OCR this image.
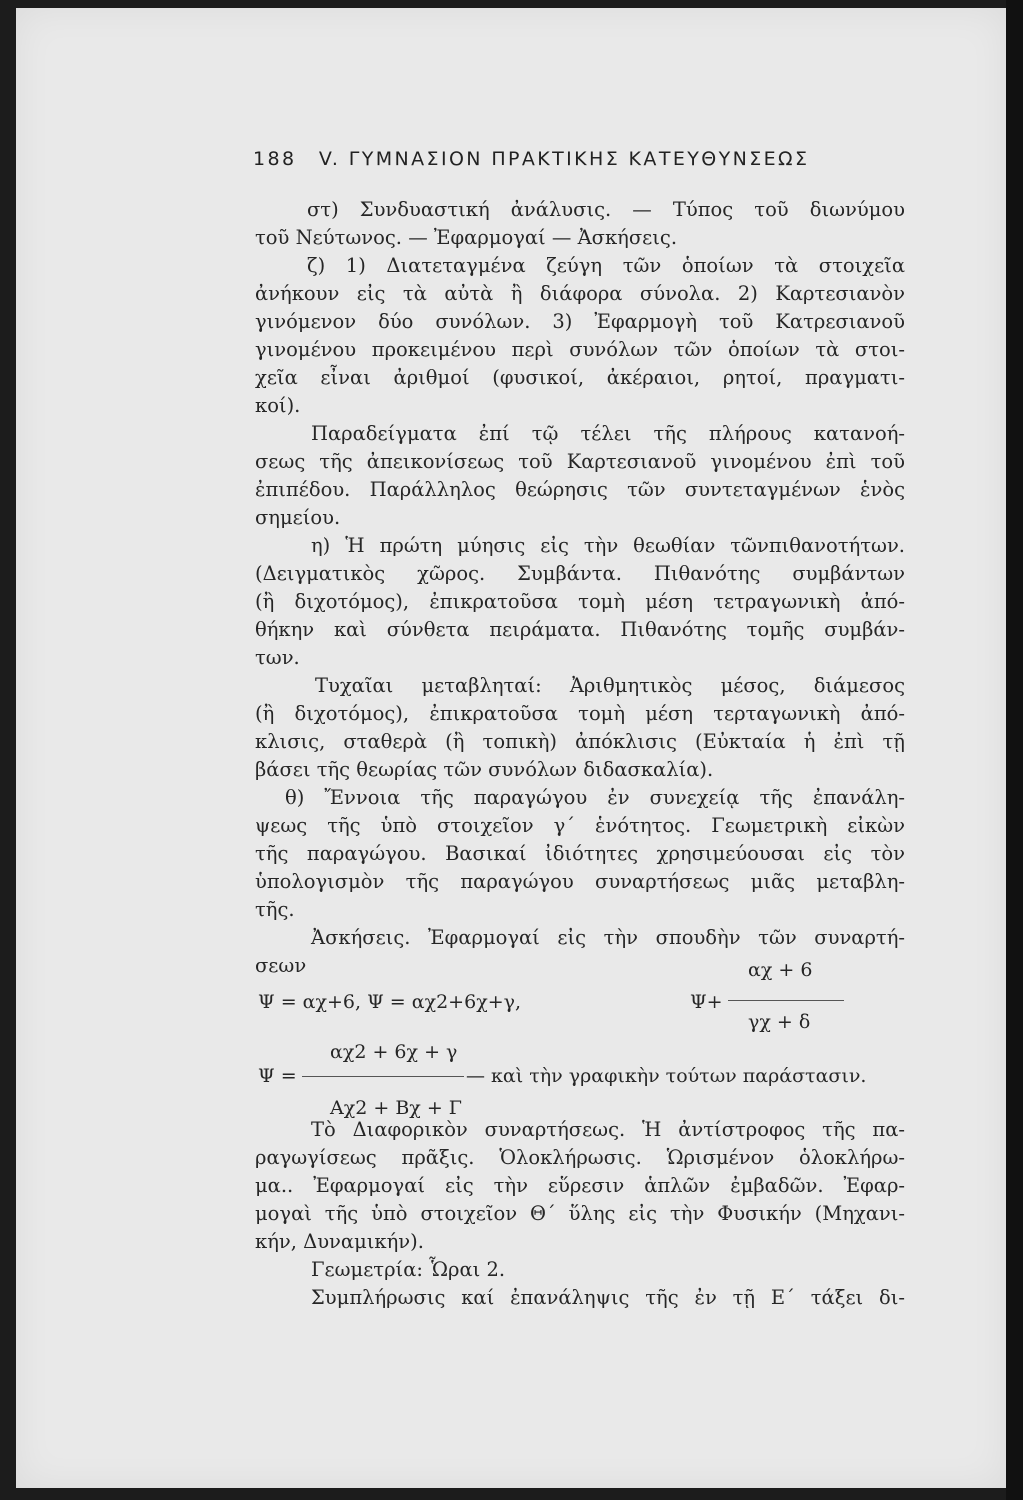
188 V. ΓΥΜΝΑΣΙΟΝ ΠΡΑΚΤΙΚΗΣ ΚΑΤΕΥΘΥΝΣΕΩΣ
στ) Συνδυαστική ἀνάλυσις. — Τύπος τοῦ διωνύμου
τοῦ Νεύτωνος. — Ἐφαρμογαί — Ἀσκήσεις.
ζ) 1) Διατεταγμένα ζεύγη τῶν ὁποίων τὰ στοιχεῖα
ἀνήκουν εἰς τὰ αὐτὰ ἢ διάφορα σύνολα. 2) Καρτεσιανὸν
γινόμενον δύο συνόλων. 3) Ἐφαρμογὴ τοῦ Κατρεσιανοῦ
γινομένου προκειμένου περὶ συνόλων τῶν ὁποίων τὰ στοι-
χεῖα εἶναι ἀριθμοί (φυσικοί, ἀκέραιοι, ρητοί, πραγματι-
κοί).
Παραδείγματα ἐπί τῷ τέλει τῆς πλήρους κατανοή-
σεως τῆς ἀπεικονίσεως τοῦ Καρτεσιανοῦ γινομένου ἐπὶ τοῦ
ἐπιπέδου. Παράλληλος θεώρησις τῶν συντεταγμένων ἑνὸς
σημείου.
η) Ἡ πρώτη μύησις εἰς τὴν θεωθίαν τῶνπιθανοτήτων.
(Δειγματικὸς χῶρος. Συμβάντα. Πιθανότης συμβάντων
(ἢ διχοτόμος), ἐπικρατοῦσα τομὴ μέση τετραγωνικὴ ἀπό-
θήκην καὶ σύνθετα πειράματα. Πιθανότης τομῆς συμβάν-
των.
Τυχαῖαι μεταβληταί: Ἀριθμητικὸς μέσος, διάμεσος
(ἢ διχοτόμος), ἐπικρατοῦσα τομὴ μέση τερταγωνικὴ ἀπό-
κλισις, σταθερὰ (ἢ τοπικὴ) ἀπόκλισις (Εὐκταία ἡ ἐπὶ τῇ
βάσει τῆς θεωρίας τῶν συνόλων διδασκαλία).
θ) Ἔννοια τῆς παραγώγου ἐν συνεχείᾳ τῆς ἐπανάλη-
ψεως τῆς ὑπὸ στοιχεῖον γ΄ ἑνότητος. Γεωμετρικὴ εἰκὼν
τῆς παραγώγου. Βασικαί ἰδιότητες χρησιμεύουσαι εἰς τὸν
ὑπολογισμὸν τῆς παραγώγου συναρτήσεως μιᾶς μεταβλη-
τῆς.
Ἀσκήσεις. Ἐφαρμογαί εἰς τὴν σπουδὴν τῶν συναρτή-
σεων
Ψ = αχ+6, Ψ = αχ2+6χ+γ,	Ψ+
αχ + 6
γχ + δ
αχ2 + 6χ + γ
Ψ =	— καὶ τὴν γραφικὴν τούτων παράστασιν.
Αχ2 + Βχ + Γ
Τὸ Διαφορικὸν συναρτήσεως. Ἡ ἀντίστροφος τῆς πα-
ραγωγίσεως πρᾶξις. Ὁλοκλήρωσις. Ὡρισμένον ὁλοκλήρω-
μα.. Ἐφαρμογαί εἰς τὴν εὕρεσιν ἁπλῶν ἐμβαδῶν. Ἐφαρ-
μογαὶ τῆς ὑπὸ στοιχεῖον Θ΄ ὕλης εἰς τὴν Φυσικήν (Μηχανι-
κήν, Δυναμικήν).
Γεωμετρία: Ὧραι 2.
Συμπλήρωσις καί ἐπανάληψις τῆς ἐν τῇ Ε΄ τάξει δι-
